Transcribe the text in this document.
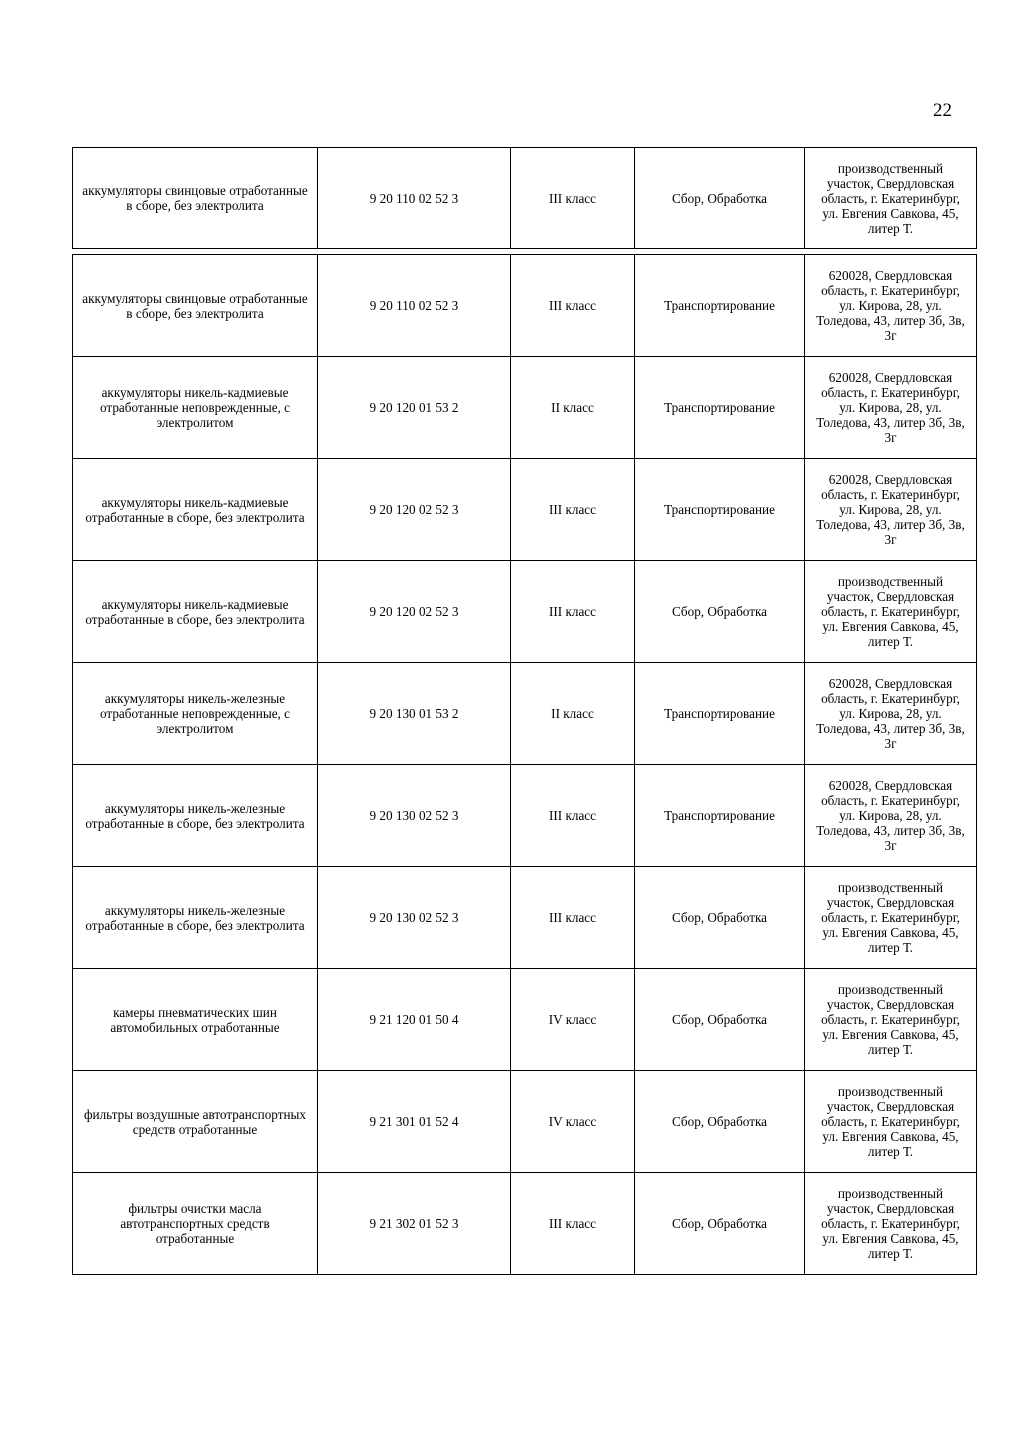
22
аккумуляторы свинцовые отработанные в сборе, без электролита	9 20 110 02 52 3	III класс	Сбор, Обработка	производственный участок, Свердловская область, г. Екатеринбург, ул. Евгения Савкова, 45, литер Т.
аккумуляторы свинцовые отработанные в сборе, без электролита	9 20 110 02 52 3	III класс	Транспортирование	620028, Свердловская область, г. Екатеринбург, ул. Кирова, 28, ул. Толедова, 43, литер 3б, 3в, 3г
аккумуляторы никель-кадмиевые отработанные неповрежденные, с электролитом	9 20 120 01 53 2	II класс	Транспортирование	620028, Свердловская область, г. Екатеринбург, ул. Кирова, 28, ул. Толедова, 43, литер 3б, 3в, 3г
аккумуляторы никель-кадмиевые отработанные в сборе, без электролита	9 20 120 02 52 3	III класс	Транспортирование	620028, Свердловская область, г. Екатеринбург, ул. Кирова, 28, ул. Толедова, 43, литер 3б, 3в, 3г
аккумуляторы никель-кадмиевые отработанные в сборе, без электролита	9 20 120 02 52 3	III класс	Сбор, Обработка	производственный участок, Свердловская область, г. Екатеринбург, ул. Евгения Савкова, 45, литер Т.
аккумуляторы никель-железные отработанные неповрежденные, с электролитом	9 20 130 01 53 2	II класс	Транспортирование	620028, Свердловская область, г. Екатеринбург, ул. Кирова, 28, ул. Толедова, 43, литер 3б, 3в, 3г
аккумуляторы никель-железные отработанные в сборе, без электролита	9 20 130 02 52 3	III класс	Транспортирование	620028, Свердловская область, г. Екатеринбург, ул. Кирова, 28, ул. Толедова, 43, литер 3б, 3в, 3г
аккумуляторы никель-железные отработанные в сборе, без электролита	9 20 130 02 52 3	III класс	Сбор, Обработка	производственный участок, Свердловская область, г. Екатеринбург, ул. Евгения Савкова, 45, литер Т.
камеры пневматических шин автомобильных отработанные	9 21 120 01 50 4	IV класс	Сбор, Обработка	производственный участок, Свердловская область, г. Екатеринбург, ул. Евгения Савкова, 45, литер Т.
фильтры воздушные автотранспортных средств отработанные	9 21 301 01 52 4	IV класс	Сбор, Обработка	производственный участок, Свердловская область, г. Екатеринбург, ул. Евгения Савкова, 45, литер Т.
фильтры очистки масла автотранспортных средств отработанные	9 21 302 01 52 3	III класс	Сбор, Обработка	производственный участок, Свердловская область, г. Екатеринбург, ул. Евгения Савкова, 45, литер Т.
